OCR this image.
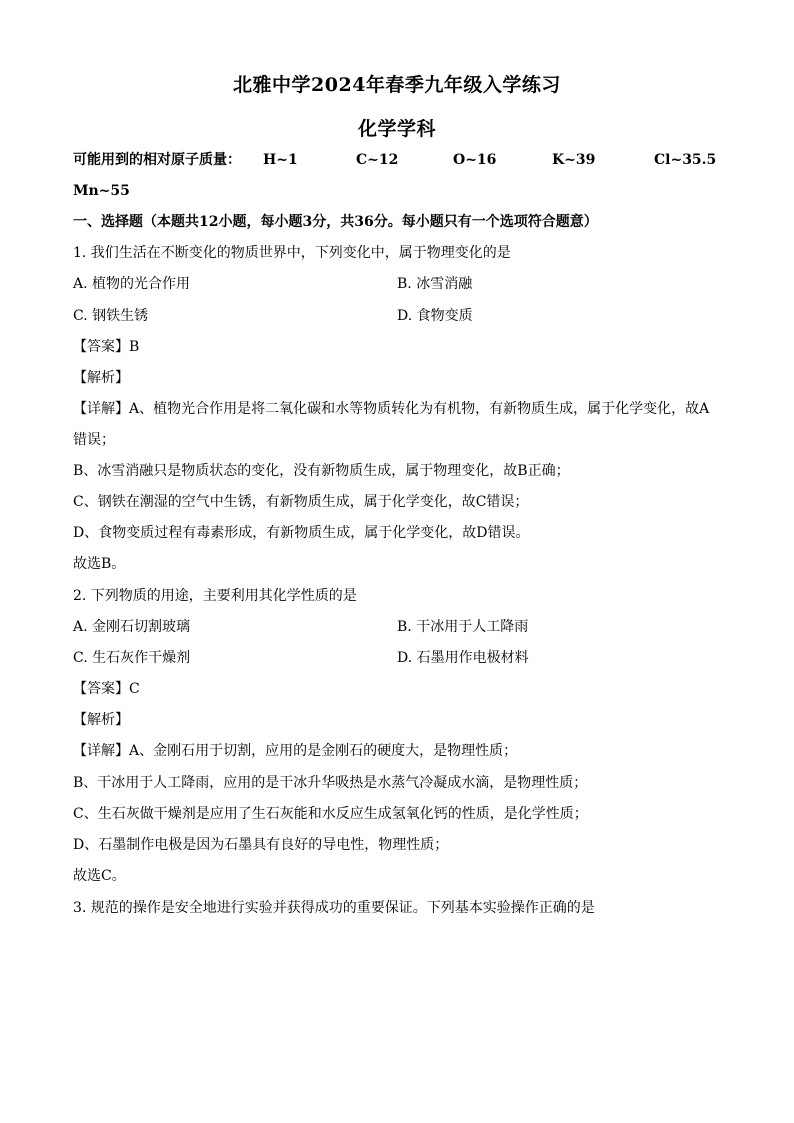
北雅中学2024年春季九年级入学练习
化学学科
可能用到的相对原子质量： H~1	C~12	O~16	K~39	Cl~35.5
Mn~55
一、选择题（本题共12小题，每小题3分，共36分。每小题只有一个选项符合题意）
1. 我们生活在不断变化的物质世界中，下列变化中，属于物理变化的是
A. 植物的光合作用	B. 冰雪消融
C. 钢铁生锈	D. 食物变质
【答案】B
【解析】
【详解】A、植物光合作用是将二氧化碳和水等物质转化为有机物，有新物质生成，属于化学变化，故A
错误；
B、冰雪消融只是物质状态的变化，没有新物质生成，属于物理变化，故B正确；
C、钢铁在潮湿的空气中生锈，有新物质生成，属于化学变化，故C错误；
D、食物变质过程有毒素形成，有新物质生成，属于化学变化，故D错误。
故选B。
2. 下列物质的用途，主要利用其化学性质的是
A. 金刚石切割玻璃	B. 干冰用于人工降雨
C. 生石灰作干燥剂	D. 石墨用作电极材料
【答案】C
【解析】
【详解】A、金刚石用于切割，应用的是金刚石的硬度大，是物理性质；
B、干冰用于人工降雨，应用的是干冰升华吸热是水蒸气冷凝成水滴，是物理性质；
C、生石灰做干燥剂是应用了生石灰能和水反应生成氢氧化钙的性质，是化学性质；
D、石墨制作电极是因为石墨具有良好的导电性，物理性质；
故选C。
3. 规范的操作是安全地进行实验并获得成功的重要保证。下列基本实验操作正确的是
